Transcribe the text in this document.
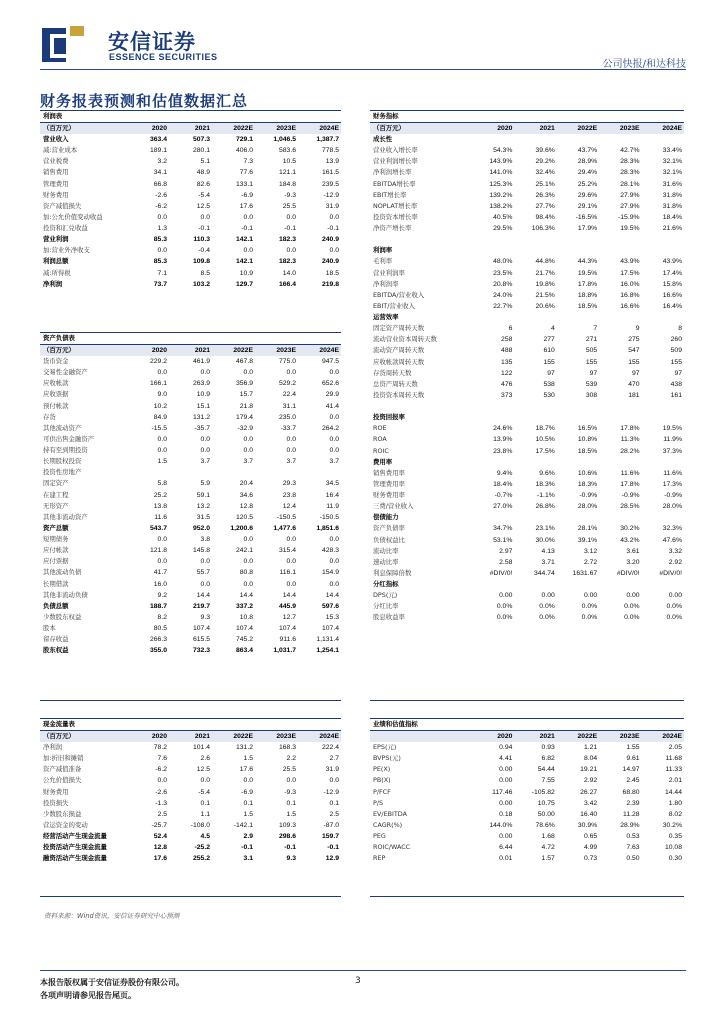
安信证券
ESSENCE SECURITIES
公司快报/和达科技
财务报表预测和估值数据汇总
利润表					
（百万元）	2020	2021	2022E	2023E	2024E
营业收入	363.4	507.3	729.1	1,046.5	1,387.7
减:营业成本	189.1	280.1	406.0	583.6	778.5
营业税费	3.2	5.1	7.3	10.5	13.9
销售费用	34.1	48.9	77.6	121.1	161.5
管理费用	66.8	82.6	133.1	184.8	239.5
财务费用	-2.6	-5.4	-6.9	-9.3	-12.9
资产减值损失	-6.2	12.5	17.6	25.5	31.9
加:公允价值变动收益	0.0	0.0	0.0	0.0	0.0
投资和汇兑收益	1.3	-0.1	-0.1	-0.1	-0.1
营业利润	85.3	110.3	142.1	182.3	240.9
加:营业外净收支	0.0	-0.4	0.0	0.0	0.0
利润总额	85.3	109.8	142.1	182.3	240.9
减:所得税	7.1	8.5	10.9	14.0	18.5
净利润	73.7	103.2	129.7	166.4	219.8
资产负债表					
（百万元）	2020	2021	2022E	2023E	2024E
货币资金	229.2	461.9	467.8	775.0	947.5
交易性金融资产	0.0	0.0	0.0	0.0	0.0
应收帐款	166.1	263.9	356.9	529.2	652.6
应收票据	9.0	10.9	15.7	22.4	29.9
预付帐款	10.2	15.1	21.8	31.1	41.4
存货	84.9	131.2	179.4	235.0	0.0
其他流动资产	-15.5	-35.7	-32.9	-33.7	264.2
可供出售金融资产	0.0	0.0	0.0	0.0	0.0
持有至到期投资	0.0	0.0	0.0	0.0	0.0
长期股权投资	1.5	3.7	3.7	3.7	3.7
投资性房地产					
固定资产	5.8	5.9	20.4	29.3	34.5
在建工程	25.2	59.1	34.6	23.8	16.4
无形资产	13.8	13.2	12.8	12.4	11.9
其他非流动资产	11.6	31.5	120.5	-150.5	-150.5
资产总额	543.7	952.0	1,200.6	1,477.6	1,851.6
短期债务	0.0	3.8	0.0	0.0	0.0
应付帐款	121.8	145.8	242.1	315.4	428.3
应付票据	0.0	0.0	0.0	0.0	0.0
其他流动负债	41.7	55.7	80.8	116.1	154.9
长期借款	16.0	0.0	0.0	0.0	0.0
其他非流动负债	9.2	14.4	14.4	14.4	14.4
负债总额	188.7	219.7	337.2	445.9	597.6
少数股东权益	8.2	9.3	10.8	12.7	15.3
股本	80.5	107.4	107.4	107.4	107.4
留存收益	266.3	615.5	745.2	911.6	1,131.4
股东权益	355.0	732.3	863.4	1,031.7	1,254.1
财务指标					
（百万元）	2020	2021	2022E	2023E	2024E
成长性					
营业收入增长率	54.3%	39.6%	43.7%	42.7%	33.4%
营业利润增长率	143.9%	29.2%	28.9%	28.3%	32.1%
净利润增长率	141.0%	32.4%	29.4%	28.3%	32.1%
EBITDA增长率	125.3%	25.1%	25.2%	28.1%	31.6%
EBIT增长率	139.2%	26.3%	29.6%	27.9%	31.8%
NOPLAT增长率	138.2%	27.7%	29.1%	27.9%	31.8%
投资资本增长率	40.5%	98.4%	-16.5%	-15.9%	18.4%
净资产增长率	29.5%	106.3%	17.9%	19.5%	21.6%

利润率					
毛利率	48.0%	44.8%	44.3%	43.9%	43.9%
营业利润率	23.5%	21.7%	19.5%	17.5%	17.4%
净利润率	20.8%	19.8%	17.8%	16.0%	15.8%
EBITDA/营业收入	24.0%	21.5%	18.8%	16.8%	16.6%
EBIT/营业收入	22.7%	20.6%	18.5%	16.6%	16.4%
运营效率					
固定资产周转天数	6	4	7	9	8
流动营业资本周转天数	258	277	271	275	260
流动资产周转天数	488	610	505	547	509
应收帐款周转天数	135	155	155	155	155
存货周转天数	122	97	97	97	97
总资产周转天数	476	538	539	470	438
投资资本周转天数	373	530	308	181	161

投资回报率					
ROE	24.6%	18.7%	16.5%	17.8%	19.5%
ROA	13.9%	10.5%	10.8%	11.3%	11.9%
ROIC	23.8%	17.5%	18.5%	28.2%	37.3%
费用率					
销售费用率	9.4%	9.6%	10.6%	11.6%	11.6%
管理费用率	18.4%	18.3%	18.3%	17.8%	17.3%
财务费用率	-0.7%	-1.1%	-0.9%	-0.9%	-0.9%
三费/营业收入	27.0%	26.8%	28.0%	28.5%	28.0%
偿债能力					
资产负债率	34.7%	23.1%	28.1%	30.2%	32.3%
负债权益比	53.1%	30.0%	39.1%	43.2%	47.6%
流动比率	2.97	4.13	3.12	3.61	3.32
速动比率	2.58	3.71	2.72	3.20	2.92
利息保障倍数	#DIV/0!	344.74	1631.67	#DIV/0!	#DIV/0!
分红指标					
DPS(元)	0.00	0.00	0.00	0.00	0.00
分红比率	0.0%	0.0%	0.0%	0.0%	0.0%
股息收益率	0.0%	0.0%	0.0%	0.0%	0.0%
现金流量表					
（百万元）	2020	2021	2022E	2023E	2024E
净利润	78.2	101.4	131.2	168.3	222.4
加:折旧和摊销	7.6	2.6	1.5	2.2	2.7
资产减值准备	-6.2	12.5	17.6	25.5	31.9
公允价值损失	0.0	0.0	0.0	0.0	0.0
财务费用	-2.6	-5.4	-6.9	-9.3	-12.9
投资损失	-1.3	0.1	0.1	0.1	0.1
少数股东损益	2.5	1.1	1.5	1.5	2.5
营运资金的变动	-25.7	-108.0	-142.1	109.3	-87.0
经营活动产生现金流量	52.4	4.5	2.9	298.6	159.7
投资活动产生现金流量	12.8	-25.2	-0.1	-0.1	-0.1
融资活动产生现金流量	17.6	255.2	3.1	9.3	12.9
业绩和估值指标					
	2020	2021	2022E	2023E	2024E
EPS(元)	0.94	0.93	1.21	1.55	2.05
BVPS(元)	4.41	6.82	8.04	9.61	11.68
PE(X)	0.00	54.44	19.21	14.97	11.33
PB(X)	0.00	7.55	2.92	2.45	2.01
P/FCF	117.46	-105.82	26.27	68.80	14.44
P/S	0.00	10.75	3.42	2.39	1.80
EV/EBITDA	0.18	50.00	16.40	11.28	8.02
CAGR(%)	144.0%	78.6%	30.9%	28.9%	30.2%
PEG	0.00	1.68	0.65	0.53	0.35
ROIC/WACC	6.44	4.72	4.99	7.63	10.08
REP	0.01	1.57	0.73	0.50	0.30
资料来源：Wind资讯，安信证券研究中心预测
本报告版权属于安信证券股份有限公司。
各项声明请参见报告尾页。
3
